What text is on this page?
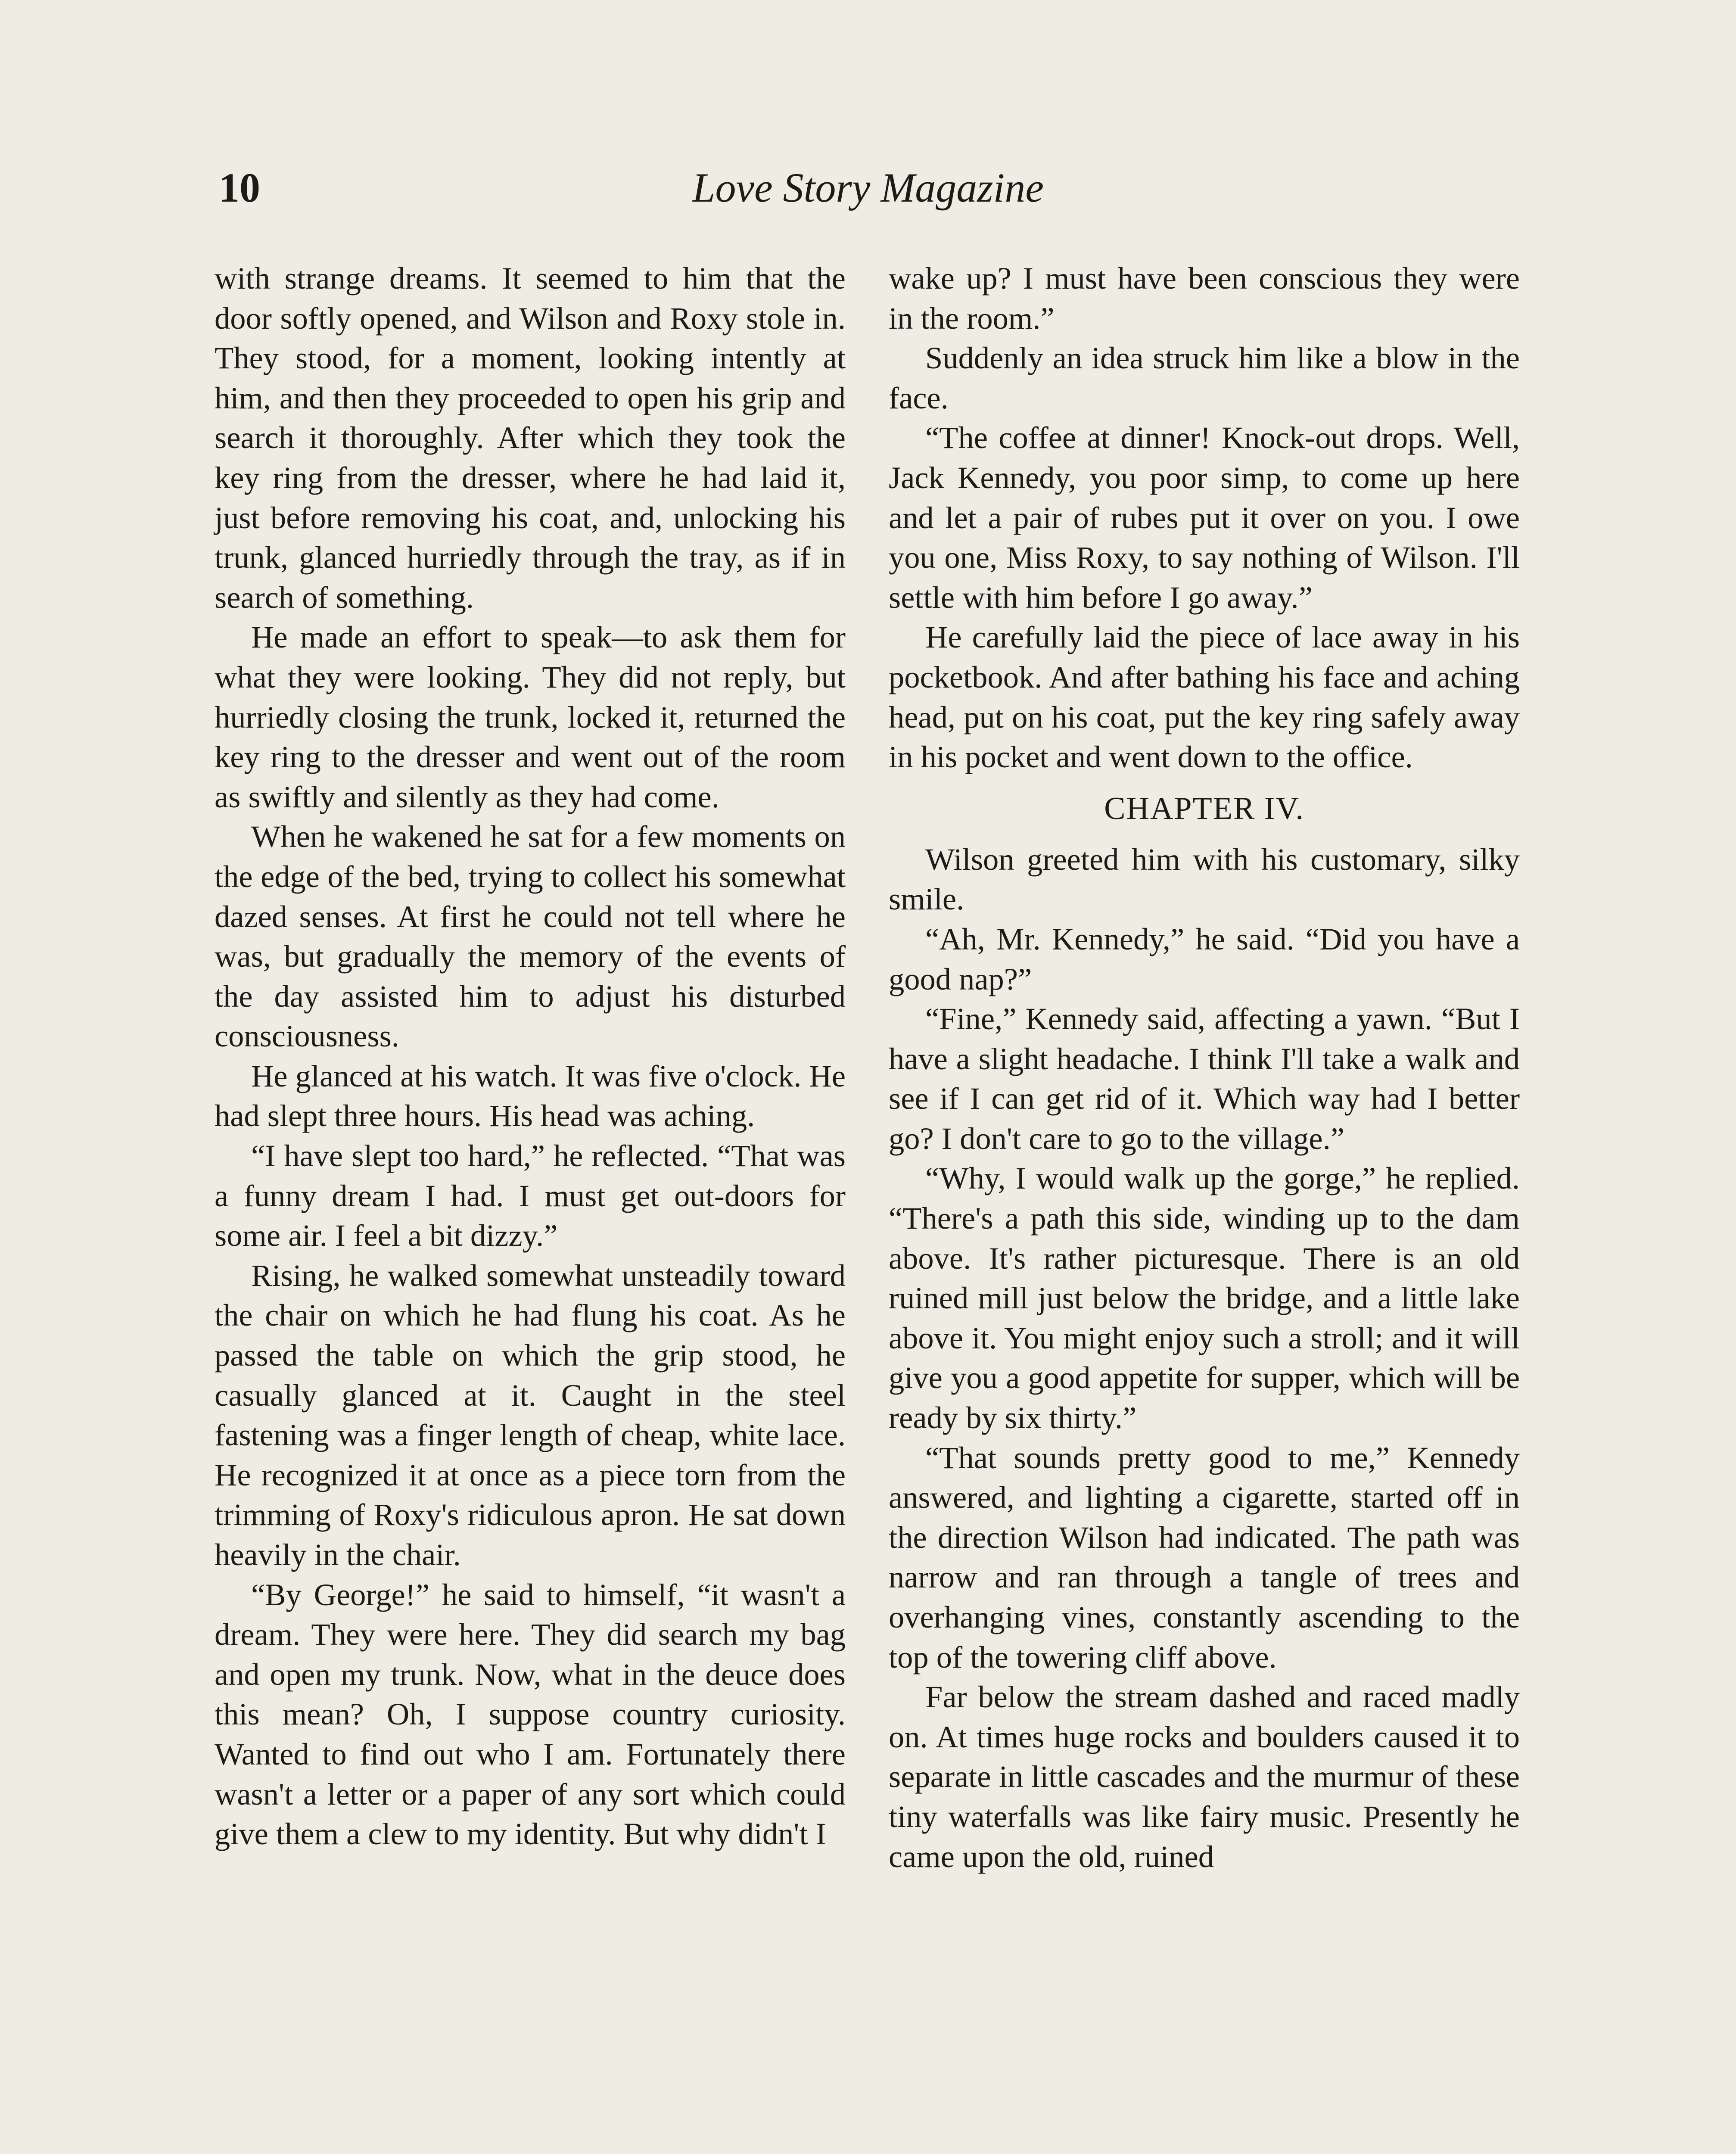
10	Love Story Magazine

with strange dreams. It seemed to him that the door softly opened, and Wilson and Roxy stole in. They stood, for a moment, looking intently at him, and then they proceeded to open his grip and search it thoroughly. After which they took the key ring from the dresser, where he had laid it, just before removing his coat, and, unlocking his trunk, glanced hurriedly through the tray, as if in search of something.

He made an effort to speak—to ask them for what they were looking. They did not reply, but hurriedly closing the trunk, locked it, returned the key ring to the dresser and went out of the room as swiftly and silently as they had come.

When he wakened he sat for a few moments on the edge of the bed, trying to collect his somewhat dazed senses. At first he could not tell where he was, but gradually the memory of the events of the day assisted him to adjust his disturbed consciousness.

He glanced at his watch. It was five o'clock. He had slept three hours. His head was aching.

“I have slept too hard,” he reflected. “That was a funny dream I had. I must get out-doors for some air. I feel a bit dizzy.”

Rising, he walked somewhat unsteadily toward the chair on which he had flung his coat. As he passed the table on which the grip stood, he casually glanced at it. Caught in the steel fastening was a finger length of cheap, white lace. He recognized it at once as a piece torn from the trimming of Roxy's ridiculous apron. He sat down heavily in the chair.

“By George!” he said to himself, “it wasn't a dream. They were here. They did search my bag and open my trunk. Now, what in the deuce does this mean? Oh, I suppose country curiosity. Wanted to find out who I am. Fortunately there wasn't a letter or a paper of any sort which could give them a clew to my identity. But why didn't I

wake up? I must have been conscious they were in the room.”

Suddenly an idea struck him like a blow in the face.

“The coffee at dinner! Knock-out drops. Well, Jack Kennedy, you poor simp, to come up here and let a pair of rubes put it over on you. I owe you one, Miss Roxy, to say nothing of Wilson. I'll settle with him before I go away.”

He carefully laid the piece of lace away in his pocketbook. And after bathing his face and aching head, put on his coat, put the key ring safely away in his pocket and went down to the office.

CHAPTER IV.

Wilson greeted him with his customary, silky smile.

“Ah, Mr. Kennedy,” he said. “Did you have a good nap?”

“Fine,” Kennedy said, affecting a yawn. “But I have a slight headache. I think I'll take a walk and see if I can get rid of it. Which way had I better go? I don't care to go to the village.”

“Why, I would walk up the gorge,” he replied. “There's a path this side, winding up to the dam above. It's rather picturesque. There is an old ruined mill just below the bridge, and a little lake above it. You might enjoy such a stroll; and it will give you a good appetite for supper, which will be ready by six thirty.”

“That sounds pretty good to me,” Kennedy answered, and lighting a cigarette, started off in the direction Wilson had indicated. The path was narrow and ran through a tangle of trees and overhanging vines, constantly ascending to the top of the towering cliff above.

Far below the stream dashed and raced madly on. At times huge rocks and boulders caused it to separate in little cascades and the murmur of these tiny waterfalls was like fairy music. Presently he came upon the old, ruined
